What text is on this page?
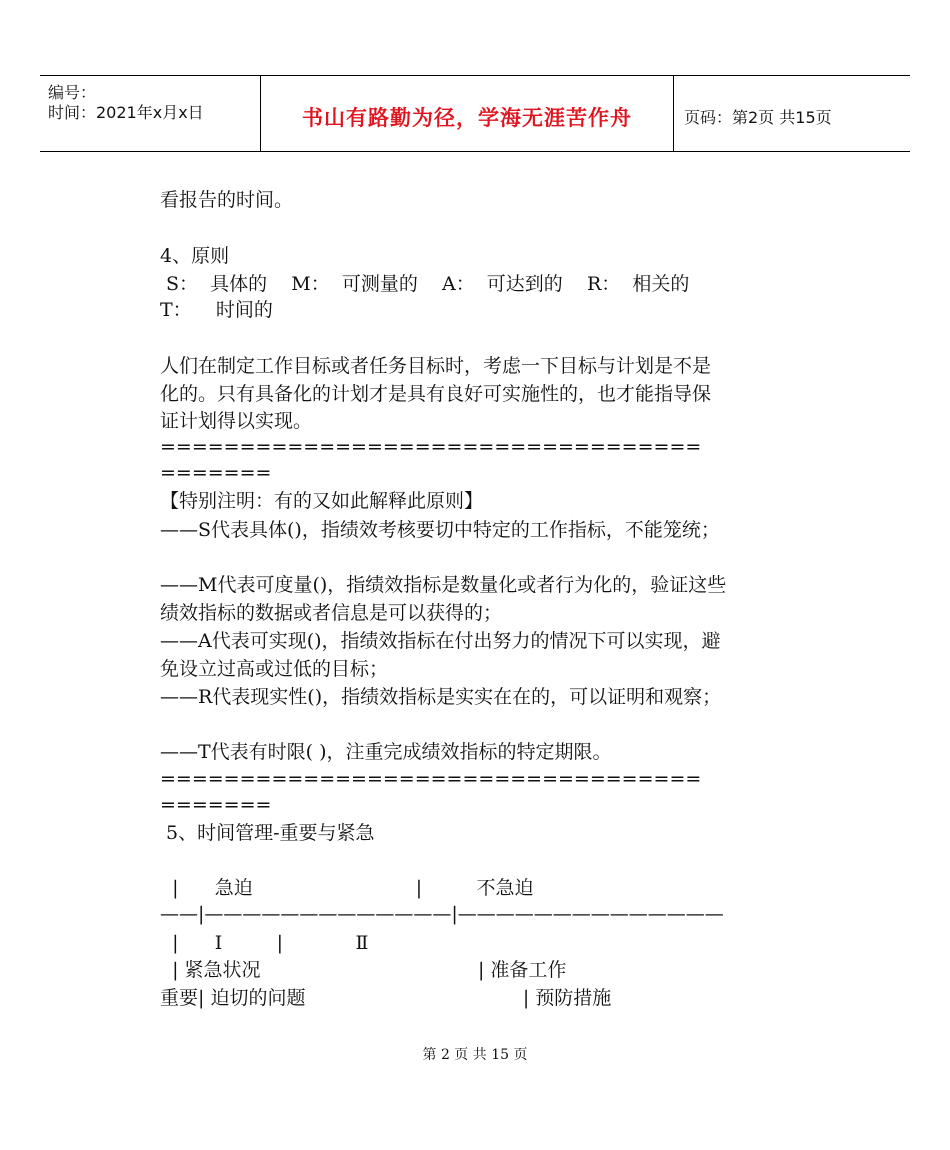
编号：
时间：2021年x月x日	书山有路勤为径，学海无涯苦作舟	页码：第2页 共15页
看报告的时间。
4、原则
S：  具体的    M：  可测量的    A：  可达到的    R：  相关的
T：    时间的
人们在制定工作目标或者任务目标时，考虑一下目标与计划是不是
化的。只有具备化的计划才是具有良好可实施性的，也才能指导保
证计划得以实现。
==================================
=======
【特别注明：有的又如此解释此原则】
——S代表具体()，指绩效考核要切中特定的工作指标，不能笼统；
——M代表可度量()，指绩效指标是数量化或者行为化的，验证这些
绩效指标的数据或者信息是可以获得的；
——A代表可实现()，指绩效指标在付出努力的情况下可以实现，避
免设立过高或过低的目标；
——R代表现实性()，指绩效指标是实实在在的，可以证明和观察；
——T代表有时限( )，注重完成绩效指标的特定期限。
==================================
=======
5、时间管理-重要与紧急
|      急迫                           |         不急迫
——|—————————————|——————————————
|      Ⅰ         |            Ⅱ
| 紧急状况                                    | 准备工作
重要| 迫切的问题                                    | 预防措施
第 2 页 共 15 页
